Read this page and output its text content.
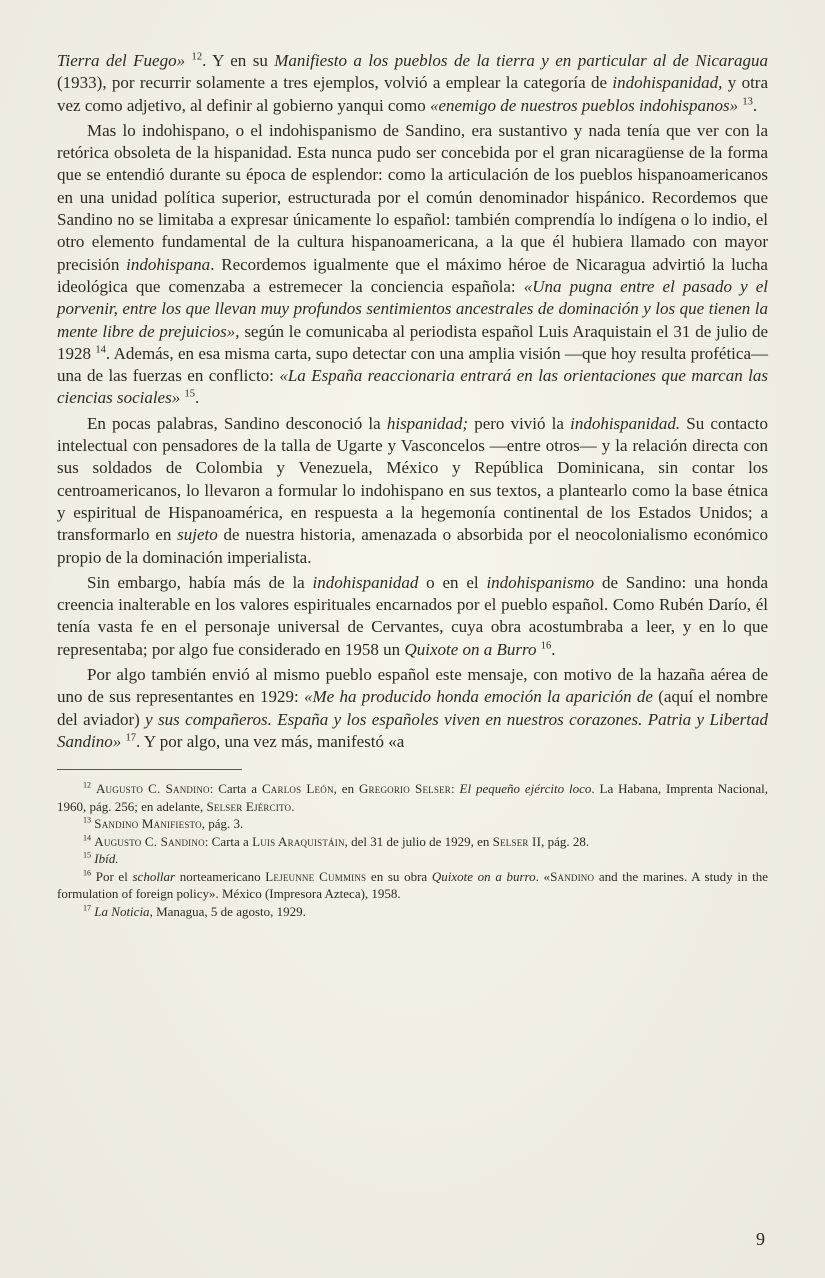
Tierra del Fuego» $^{12}$. Y en su Manifiesto a los pueblos de la tierra y en particular al de Nicaragua (1933), por recurrir solamente a tres ejemplos, volvió a emplear la categoría de indohispanidad, y otra vez como adjetivo, al definir al gobierno yanqui como «enemigo de nuestros pueblos indohispanos» $^{13}$.

Mas lo indohispano, o el indohispanismo de Sandino, era sustantivo y nada tenía que ver con la retórica obsoleta de la hispanidad. Esta nunca pudo ser concebida por el gran nicaragüense de la forma que se entendió durante su época de esplendor: como la articulación de los pueblos hispanoamericanos en una unidad política superior, estructurada por el común denominador hispánico. Recordemos que Sandino no se limitaba a expresar únicamente lo español: también comprendía lo indígena o lo indio, el otro elemento fundamental de la cultura hispanoamericana, a la que él hubiera llamado con mayor precisión indohispana. Recordemos igualmente que el máximo héroe de Nicaragua advirtió la lucha ideológica que comenzaba a estremecer la conciencia española: «Una pugna entre el pasado y el porvenir, entre los que llevan muy profundos sentimientos ancestrales de dominación y los que tienen la mente libre de prejuicios», según le comunicaba al periodista español Luis Araquistain el 31 de julio de 1928 $^{14}$. Además, en esa misma carta, supo detectar con una amplia visión —que hoy resulta profética— una de las fuerzas en conflicto: «La España reaccionaria entrará en las orientaciones que marcan las ciencias sociales» $^{15}$.

En pocas palabras, Sandino desconoció la hispanidad; pero vivió la indohispanidad. Su contacto intelectual con pensadores de la talla de Ugarte y Vasconcelos —entre otros— y la relación directa con sus soldados de Colombia y Venezuela, México y República Dominicana, sin contar los centroamericanos, lo llevaron a formular lo indohispano en sus textos, a plantearlo como la base étnica y espiritual de Hispanoamérica, en respuesta a la hegemonía continental de los Estados Unidos; a transformarlo en sujeto de nuestra historia, amenazada o absorbida por el neocolonialismo económico propio de la dominación imperialista.

Sin embargo, había más de la indohispanidad o en el indohispanismo de Sandino: una honda creencia inalterable en los valores espirituales encarnados por el pueblo español. Como Rubén Darío, él tenía vasta fe en el personaje universal de Cervantes, cuya obra acostumbraba a leer, y en lo que representaba; por algo fue considerado en 1958 un Quixote on a Burro $^{16}$.

Por algo también envió al mismo pueblo español este mensaje, con motivo de la hazaña aérea de uno de sus representantes en 1929: «Me ha producido honda emoción la aparición de (aquí el nombre del aviador) y sus compañeros. España y los españoles viven en nuestros corazones. Patria y Libertad Sandino» $^{17}$. Y por algo, una vez más, manifestó «a

$^{12}$ Augusto C. Sandino: Carta a Carlos León, en Gregorio Selser: El pequeño ejército loco. La Habana, Imprenta Nacional, 1960, pág. 256; en adelante, Selser Ejército.

$^{13}$ Sandino Manifiesto, pág. 3.

$^{14}$ Augusto C. Sandino: Carta a Luis Araquistáin, del 31 de julio de 1929, en Selser II, pág. 28.

$^{15}$ Ibíd.

$^{16}$ Por el schollar norteamericano Lejeunne Cummins en su obra Quixote on a burro. «Sandino and the marines. A study in the formulation of foreign policy». México (Impresora Azteca), 1958.

$^{17}$ La Noticia, Managua, 5 de agosto, 1929.

9
